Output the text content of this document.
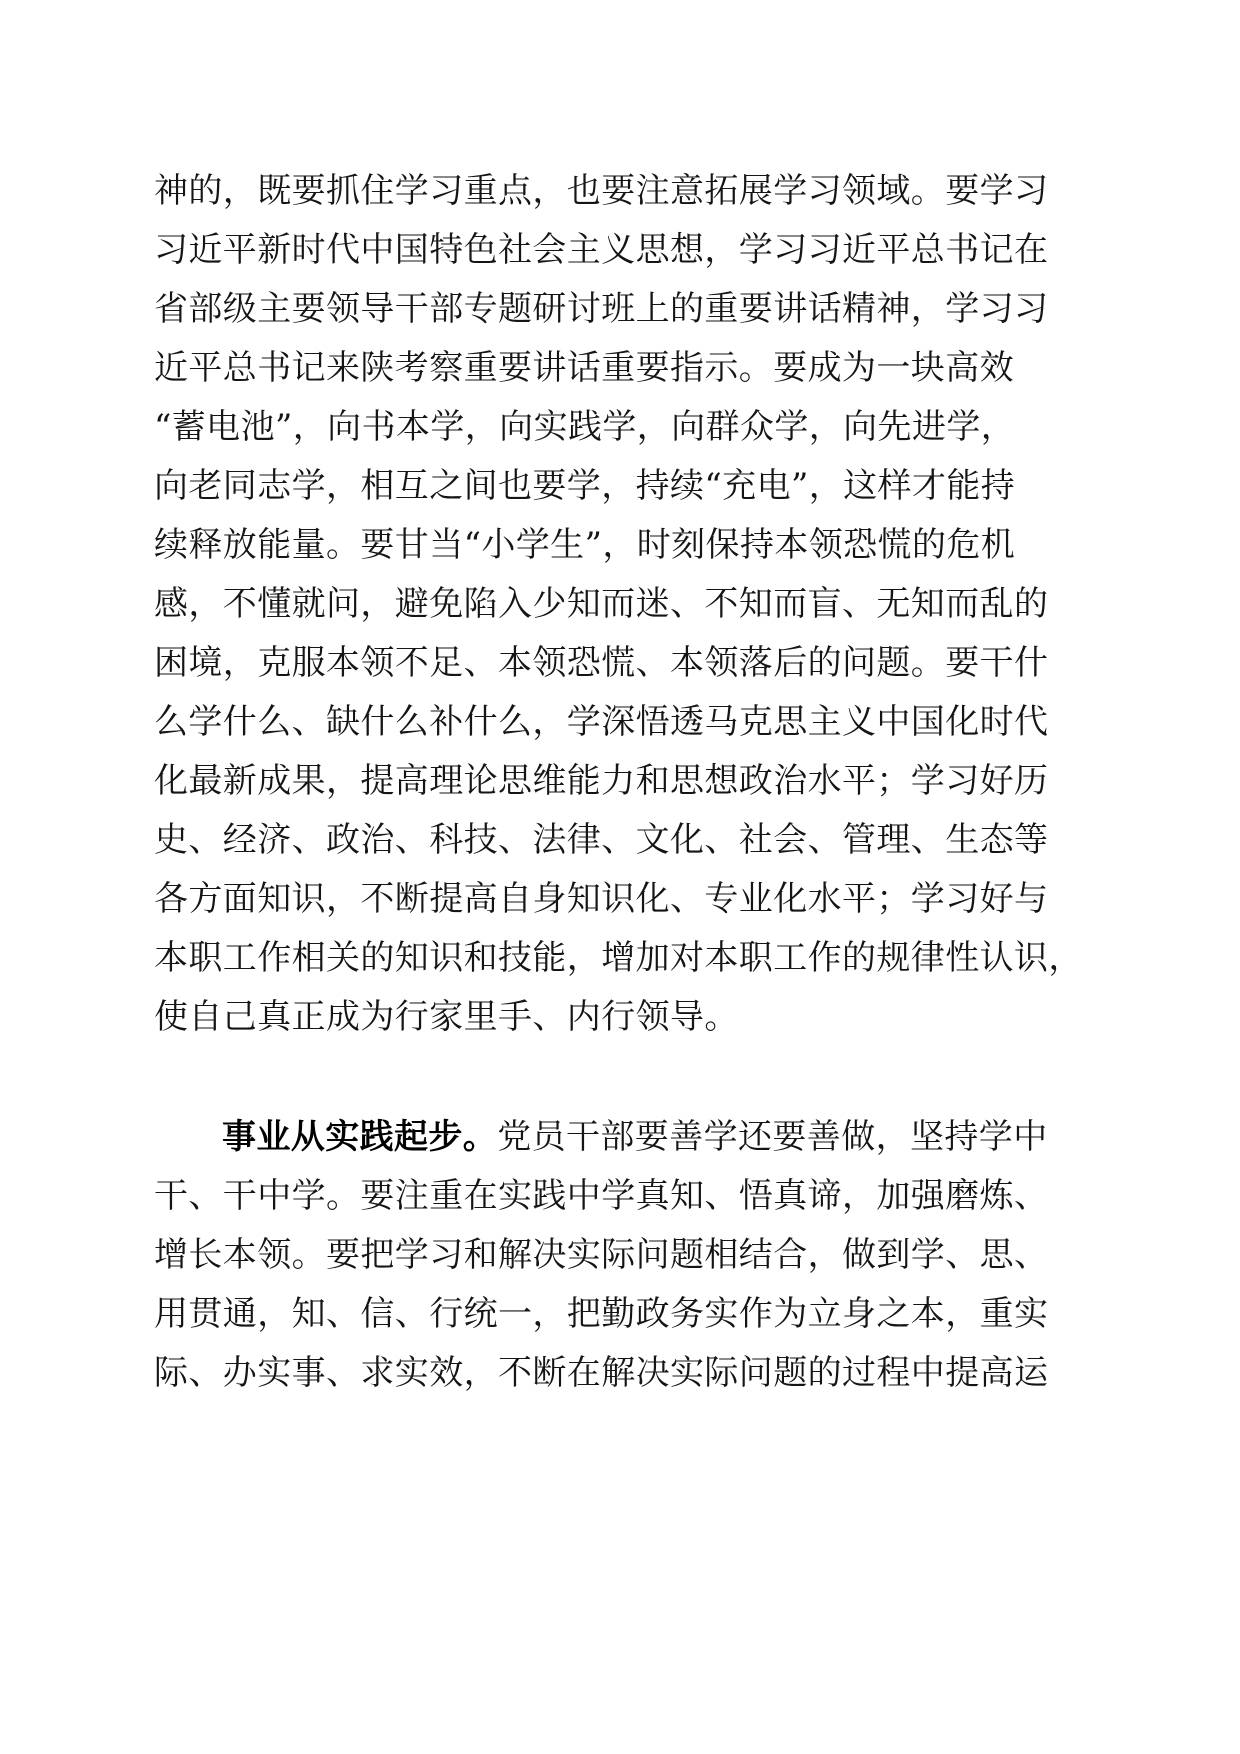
神的，既要抓住学习重点，也要注意拓展学习领域。要学习
习近平新时代中国特色社会主义思想，学习习近平总书记在
省部级主要领导干部专题研讨班上的重要讲话精神，学习习
近平总书记来陕考察重要讲话重要指示。要成为一块高效
“蓄电池”，向书本学，向实践学，向群众学，向先进学，
向老同志学，相互之间也要学，持续“充电”，这样才能持
续释放能量。要甘当“小学生”，时刻保持本领恐慌的危机
感，不懂就问，避免陷入少知而迷、不知而盲、无知而乱的
困境，克服本领不足、本领恐慌、本领落后的问题。要干什
么学什么、缺什么补什么，学深悟透马克思主义中国化时代
化最新成果，提高理论思维能力和思想政治水平；学习好历
史、经济、政治、科技、法律、文化、社会、管理、生态等
各方面知识，不断提高自身知识化、专业化水平；学习好与
本职工作相关的知识和技能，增加对本职工作的规律性认识，
使自己真正成为行家里手、内行领导。
事业从实践起步。党员干部要善学还要善做，坚持学中
干、干中学。要注重在实践中学真知、悟真谛，加强磨炼、
增长本领。要把学习和解决实际问题相结合，做到学、思、
用贯通，知、信、行统一，把勤政务实作为立身之本，重实
际、办实事、求实效，不断在解决实际问题的过程中提高运
